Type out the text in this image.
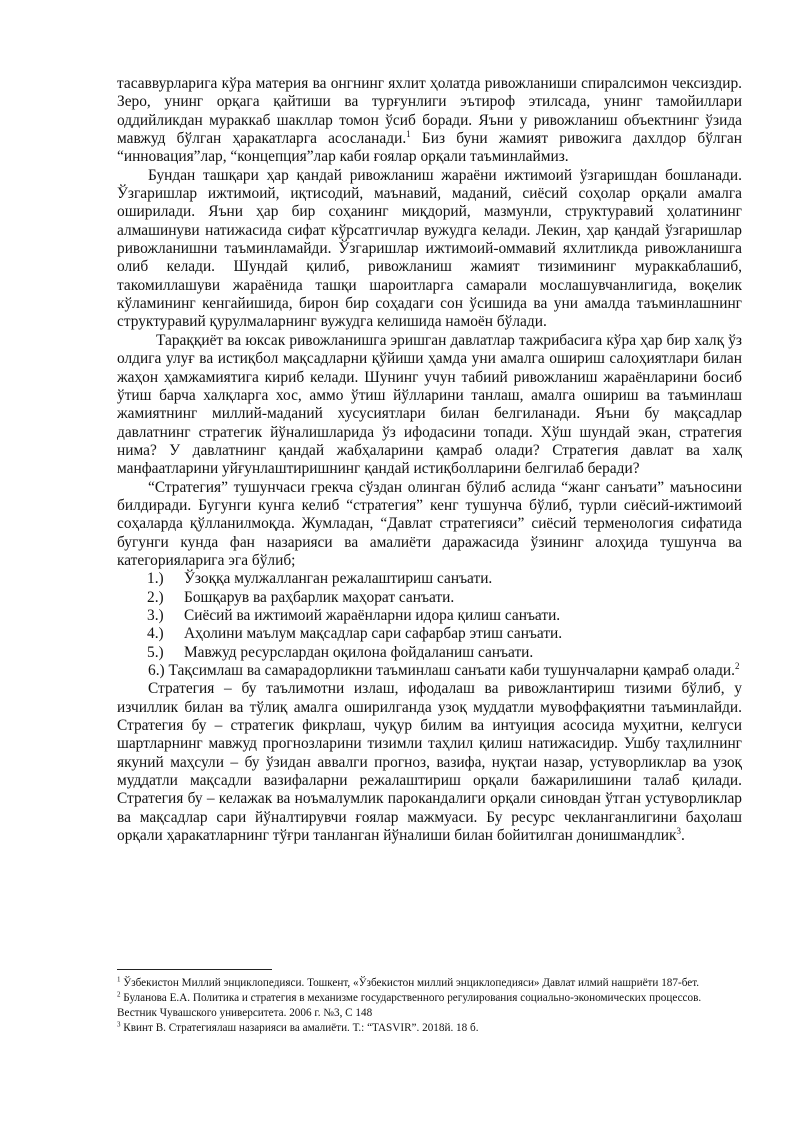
тасаввурларига кўра материя ва онгнинг яхлит ҳолатда ривожланиши спиралсимон чексиздир. Зеро, унинг орқага қайтиши ва турғунлиги эътироф этилсада, унинг тамойиллари оддийликдан мураккаб шакллар томон ўсиб боради. Яъни у ривожланиш объектнинг ўзида мавжуд бўлган ҳаракатларга асосланади.$^1$ Биз буни жамият ривожига дахлдор бўлган “инновация”лар, “концепция”лар каби ғоялар орқали таъминлаймиз.

Бундан ташқари ҳар қандай ривожланиш жараёни ижтимоий ўзгаришдан бошланади. Ўзгаришлар ижтимоий, иқтисодий, маънавий, маданий, сиёсий соҳолар орқали амалга оширилади. Яъни ҳар бир соҳанинг миқдорий, мазмунли, структуравий ҳолатининг алмашинуви натижасида сифат кўрсатгичлар вужудга келади. Лекин, ҳар қандай ўзгаришлар ривожланишни таъминламайди. Ўзгаришлар ижтимоий-оммавий яхлитликда ривожланишга олиб келади. Шундай қилиб, ривожланиш жамият тизимининг мураккаблашиб, такомиллашуви жараёнида ташқи шароитларга самарали мослашувчанлигида, воқелик кўламининг кенгайишида, бирон бир соҳадаги сон ўсишида ва уни амалда таъминлашнинг структуравий қурулмаларнинг вужудга келишида намоён бўлади.

Тараққиёт ва юксак ривожланишга эришган давлатлар тажрибасига кўра ҳар бир халқ ўз олдига улуғ ва истиқбол мақсадларни қўйиши ҳамда уни амалга ошириш салоҳиятлари билан жаҳон ҳамжамиятига кириб келади. Шунинг учун табиий ривожланиш жараёнларини босиб ўтиш барча халқларга хос, аммо ўтиш йўлларини танлаш, амалга ошириш ва таъминлаш жамиятнинг миллий-маданий хусусиятлари билан белгиланади. Яъни бу мақсадлар давлатнинг стратегик йўналишларида ўз ифодасини топади. Хўш шундай экан, стратегия нима? У давлатнинг қандай жабҳаларини қамраб олади? Стратегия давлат ва халқ манфаатларини уйғунлаштиришнинг қандай истиқболларини белгилаб беради?

“Стратегия” тушунчаси грекча сўздан олинган бўлиб аслида “жанг санъати” маъносини билдиради. Бугунги кунга келиб “стратегия” кенг тушунча бўлиб, турли сиёсий-ижтимоий соҳаларда қўлланилмоқда. Жумладан, “Давлат стратегияси” сиёсий терменология сифатида бугунги кунда фан назарияси ва амалиёти даражасида ўзининг алоҳида тушунча ва категорияларига эга бўлиб;

1.) Ўзоққа мулжалланган режалаштириш санъати.
2.) Бошқарув ва раҳбарлик маҳорат санъати.
3.) Сиёсий ва ижтимоий жараёнларни идора қилиш санъати.
4.) Аҳолини маълум мақсадлар сари сафарбар этиш санъати.
5.) Мавжуд ресурслардан оқилона фойдаланиш санъати.

6.) Тақсимлаш ва самарадорликни таъминлаш санъати каби тушунчаларни қамраб олади.$^2$

Стратегия – бу таълимотни излаш, ифодалаш ва ривожлантириш тизими бўлиб, у изчиллик билан ва тўлиқ амалга оширилганда узоқ муддатли мувоффақиятни таъминлайди. Стратегия бу – стратегик фикрлаш, чуқур билим ва интуиция асосида муҳитни, келгуси шартларнинг мавжуд прогнозларини тизимли таҳлил қилиш натижасидир. Ушбу таҳлилнинг якуний маҳсули – бу ўзидан аввалги прогноз, вазифа, нуқтаи назар, устуворликлар ва узоқ муддатли мақсадли вазифаларни режалаштириш орқали бажарилишини талаб қилади. Стратегия бу – келажак ва ноъмалумлик парокандалиги орқали синовдан ўтган устуворликлар ва мақсадлар сари йўналтирувчи ғоялар мажмуаси. Бу ресурс чекланганлигини баҳолаш орқали ҳаракатларнинг тўғри танланган йўналиши билан бойитилган донишмандлик$^3$.

$^1$ Ўзбекистон Миллий энциклопедияси. Тошкент, «Ўзбекистон миллий энциклопедияси» Давлат илмий нашриёти 187-бет.

$^2$ Буланова Е.А. Политика и стратегия в механизме государственного регулирования социально-экономических процессов. Вестник Чувашского университета. 2006 г. №3, С 148

$^3$ Квинт В. Стратегиялаш назарияси ва амалиёти. Т.: “TASVIR”. 2018й. 18 б.
